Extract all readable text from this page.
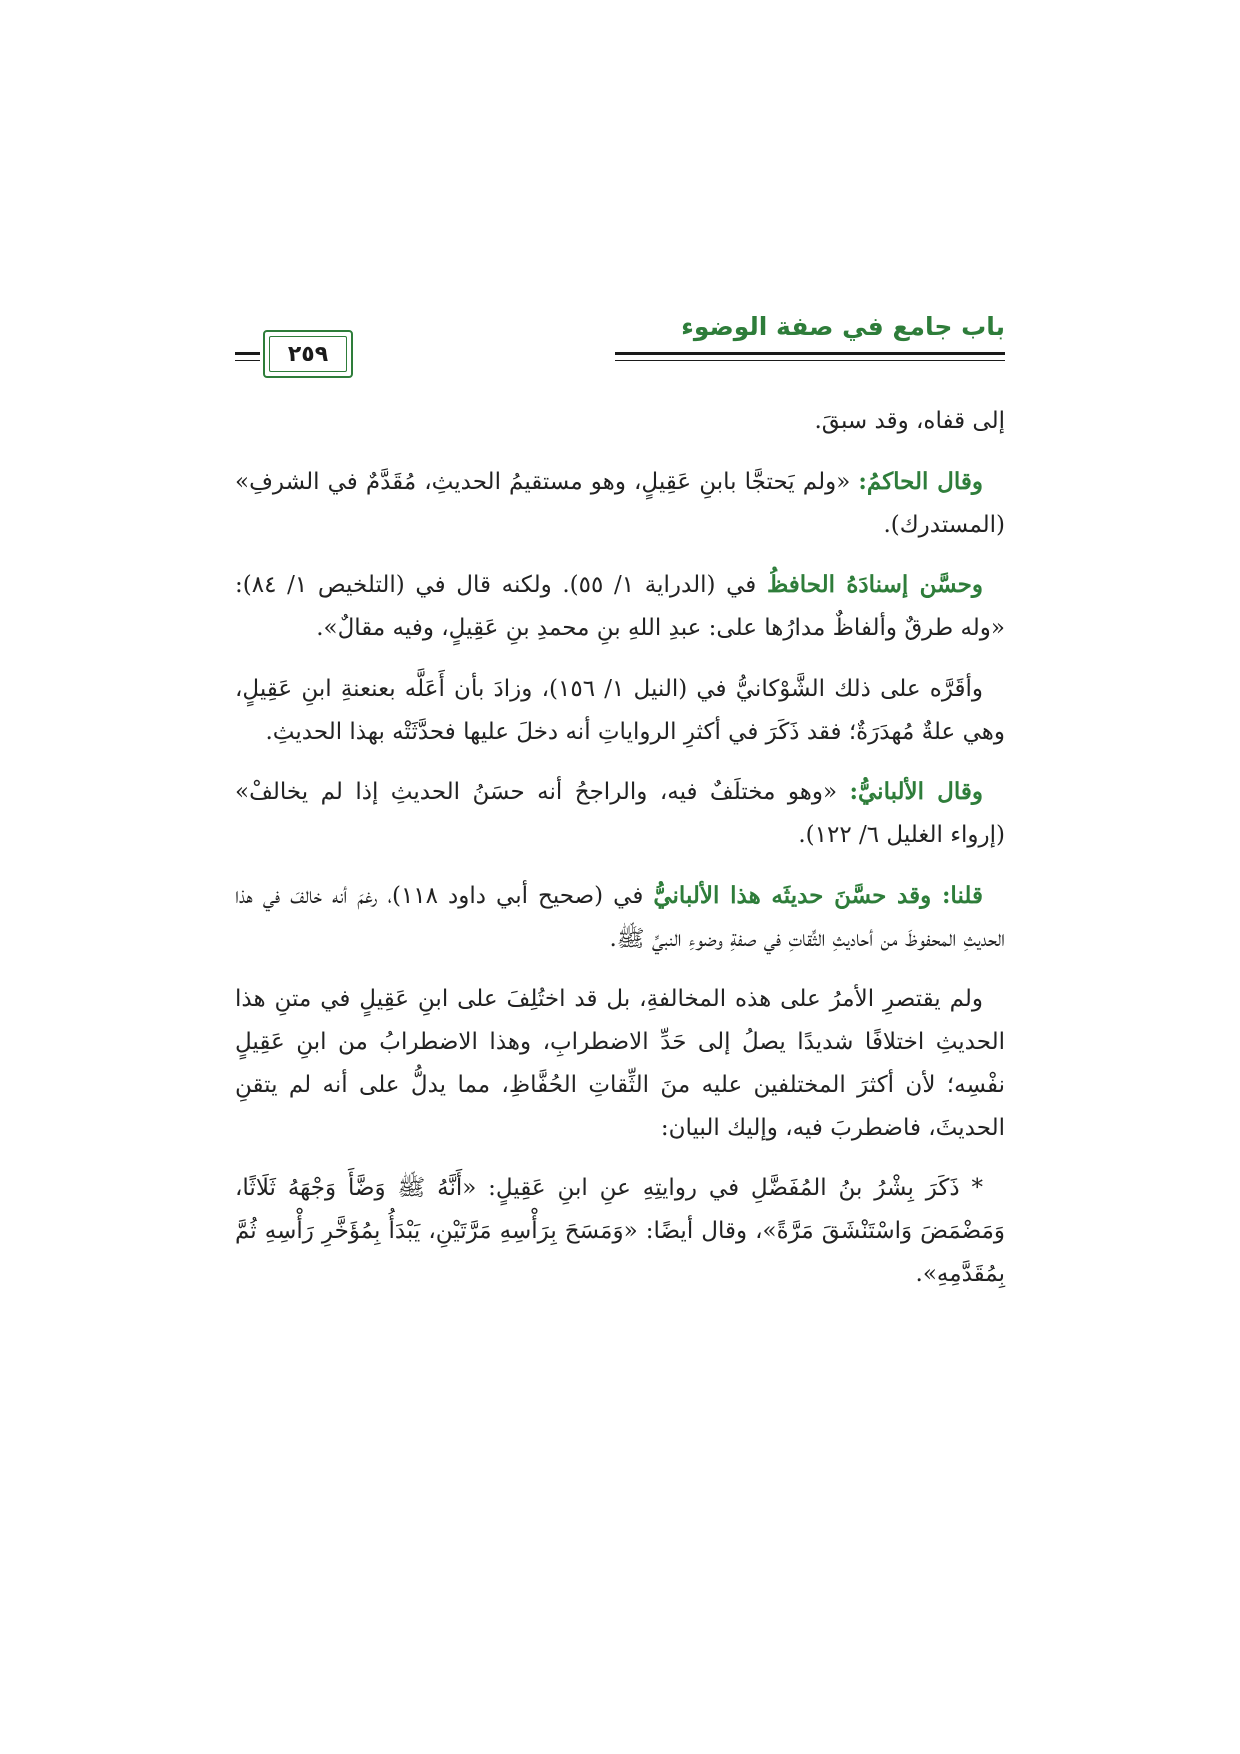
باب جامع في صفة الوضوء
٢٥٩

إلى قفاه، وقد سبقَ.

وقال الحاكمُ: «ولم يَحتجَّا بابنِ عَقِيلٍ، وهو مستقيمُ الحديثِ، مُقَدَّمٌ في الشرفِ» (المستدرك).

وحسَّن إسنادَهُ الحافظُ في (الدراية ١/ ٥٥). ولكنه قال في (التلخيص ١/ ٨٤): «وله طرقٌ وألفاظٌ مدارُها على: عبدِ اللهِ بنِ محمدِ بنِ عَقِيلٍ، وفيه مقالٌ».

وأقَرَّه على ذلك الشَّوْكانيُّ في (النيل ١/ ١٥٦)، وزادَ بأن أَعَلَّه بعنعنةِ ابنِ عَقِيلٍ، وهي علةٌ مُهدَرَةٌ؛ فقد ذَكَرَ في أكثرِ الرواياتِ أنه دخلَ عليها فحدَّثَتْه بهذا الحديثِ.

وقال الألبانيُّ: «وهو مختلَفٌ فيه، والراجحُ أنه حسَنُ الحديثِ إذا لم يخالفْ» (إرواء الغليل ٦/ ١٢٢).

قلنا: وقد حسَّنَ حديثَه هذا الألبانيُّ في (صحيح أبي داود ١١٨)، رغمَ أنه خالفَ في هذا الحديثِ المحفوظَ من أحاديثِ الثِّقاتِ في صفةِ وضوءِ النبيِّ ﷺ.

ولم يقتصرِ الأمرُ على هذه المخالفةِ، بل قد اختُلِفَ على ابنِ عَقِيلٍ في متنِ هذا الحديثِ اختلافًا شديدًا يصلُ إلى حَدِّ الاضطرابِ، وهذا الاضطرابُ من ابنِ عَقِيلٍ نفْسِه؛ لأن أكثرَ المختلفين عليه منَ الثِّقاتِ الحُفَّاظِ، مما يدلُّ على أنه لم يتقنِ الحديثَ، فاضطربَ فيه، وإليك البيان:

* ذَكَرَ بِشْرُ بنُ المُفَضَّلِ في روايتِهِ عنِ ابنِ عَقِيلٍ: «أَنَّهُ ﷺ وَضَّأَ وَجْهَهُ ثَلَاثًا، وَمَضْمَضَ وَاسْتَنْشَقَ مَرَّةً»، وقال أيضًا: «وَمَسَحَ بِرَأْسِهِ مَرَّتَيْنِ، يَبْدَأُ بِمُؤَخَّرِ رَأْسِهِ ثُمَّ بِمُقَدَّمِهِ».
